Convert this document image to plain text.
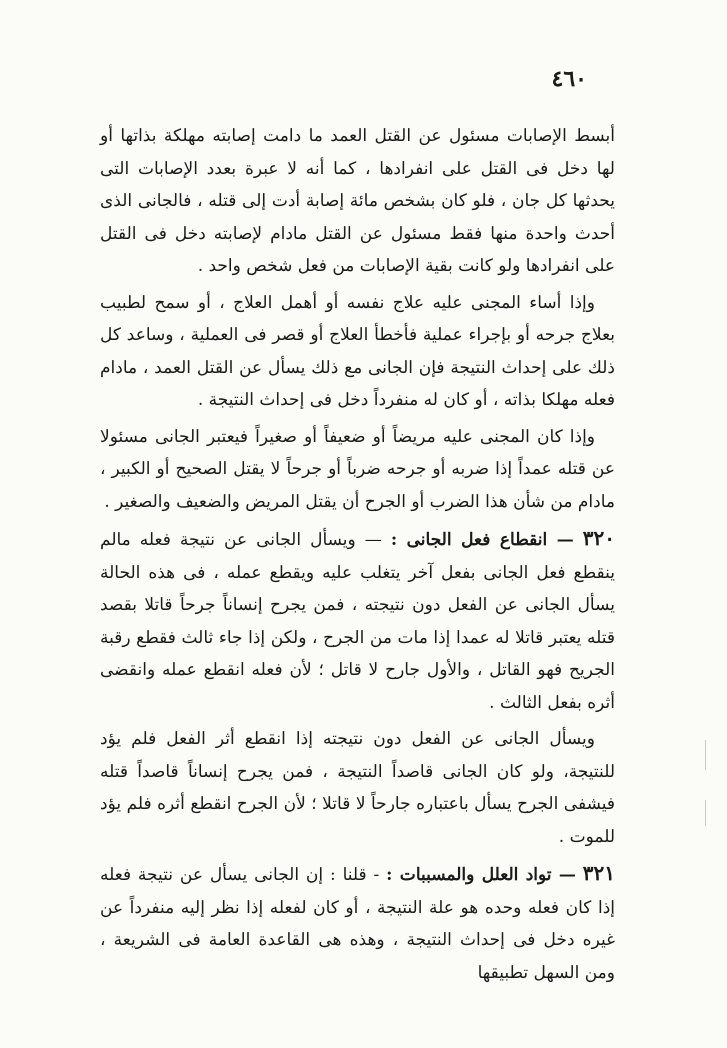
٤٦٠

أبسط الإصابات مسئول عن القتل العمد ما دامت إصابته مهلكة بذاتها أو لها دخل فى القتل على انفرادها ، كما أنه لا عبرة بعدد الإصابات التى يحدثها كل جان ، فلو كان بشخص مائة إصابة أدت إلى قتله ، فالجانى الذى أحدث واحدة منها فقط مسئول عن القتل مادام لإصابته دخل فى القتل على انفرادها ولو كانت بقية الإصابات من فعل شخص واحد .

وإذا أساء المجنى عليه علاج نفسه أو أهمل العلاج ، أو سمح لطبيب بعلاج جرحه أو بإجراء عملية فأخطأ العلاج أو قصر فى العملية ، وساعد كل ذلك على إحداث النتيجة فإن الجانى مع ذلك يسأل عن القتل العمد ، مادام فعله مهلكا بذاته ، أو كان له منفرداً دخل فى إحداث النتيجة .

وإذا كان المجنى عليه مريضاً أو ضعيفاً أو صغيراً فيعتبر الجانى مسئولا عن قتله عمداً إذا ضربه أو جرحه ضرباً أو جرحاً لا يقتل الصحيح أو الكبير ، مادام من شأن هذا الضرب أو الجرح أن يقتل المريض والضعيف والصغير .

٣٢٠ — انقطاع فعل الجانى : — ويسأل الجانى عن نتيجة فعله مالم ينقطع فعل الجانى بفعل آخر يتغلب عليه ويقطع عمله ، فى هذه الحالة يسأل الجانى عن الفعل دون نتيجته ، فمن يجرح إنساناً جرحاً قاتلا بقصد قتله يعتبر قاتلا له عمدا إذا مات من الجرح ، ولكن إذا جاء ثالث فقطع رقبة الجريح فهو القاتل ، والأول جارح لا قاتل ؛ لأن فعله انقطع عمله وانقضى أثره بفعل الثالث .

ويسأل الجانى عن الفعل دون نتيجته إذا انقطع أثر الفعل فلم يؤد للنتيجة، ولو كان الجانى قاصداً النتيجة ، فمن يجرح إنساناً قاصداً قتله فيشفى الجرح يسأل باعتباره جارحاً لا قاتلا ؛ لأن الجرح انقطع أثره فلم يؤد للموت .

٣٢١ — تواد العلل والمسببات : - قلنا : إن الجانى يسأل عن نتيجة فعله إذا كان فعله وحده هو علة النتيجة ، أو كان لفعله إذا نظر إليه منفرداً عن غيره دخل فى إحداث النتيجة ، وهذه هى القاعدة العامة فى الشريعة ، ومن السهل تطبيقها
